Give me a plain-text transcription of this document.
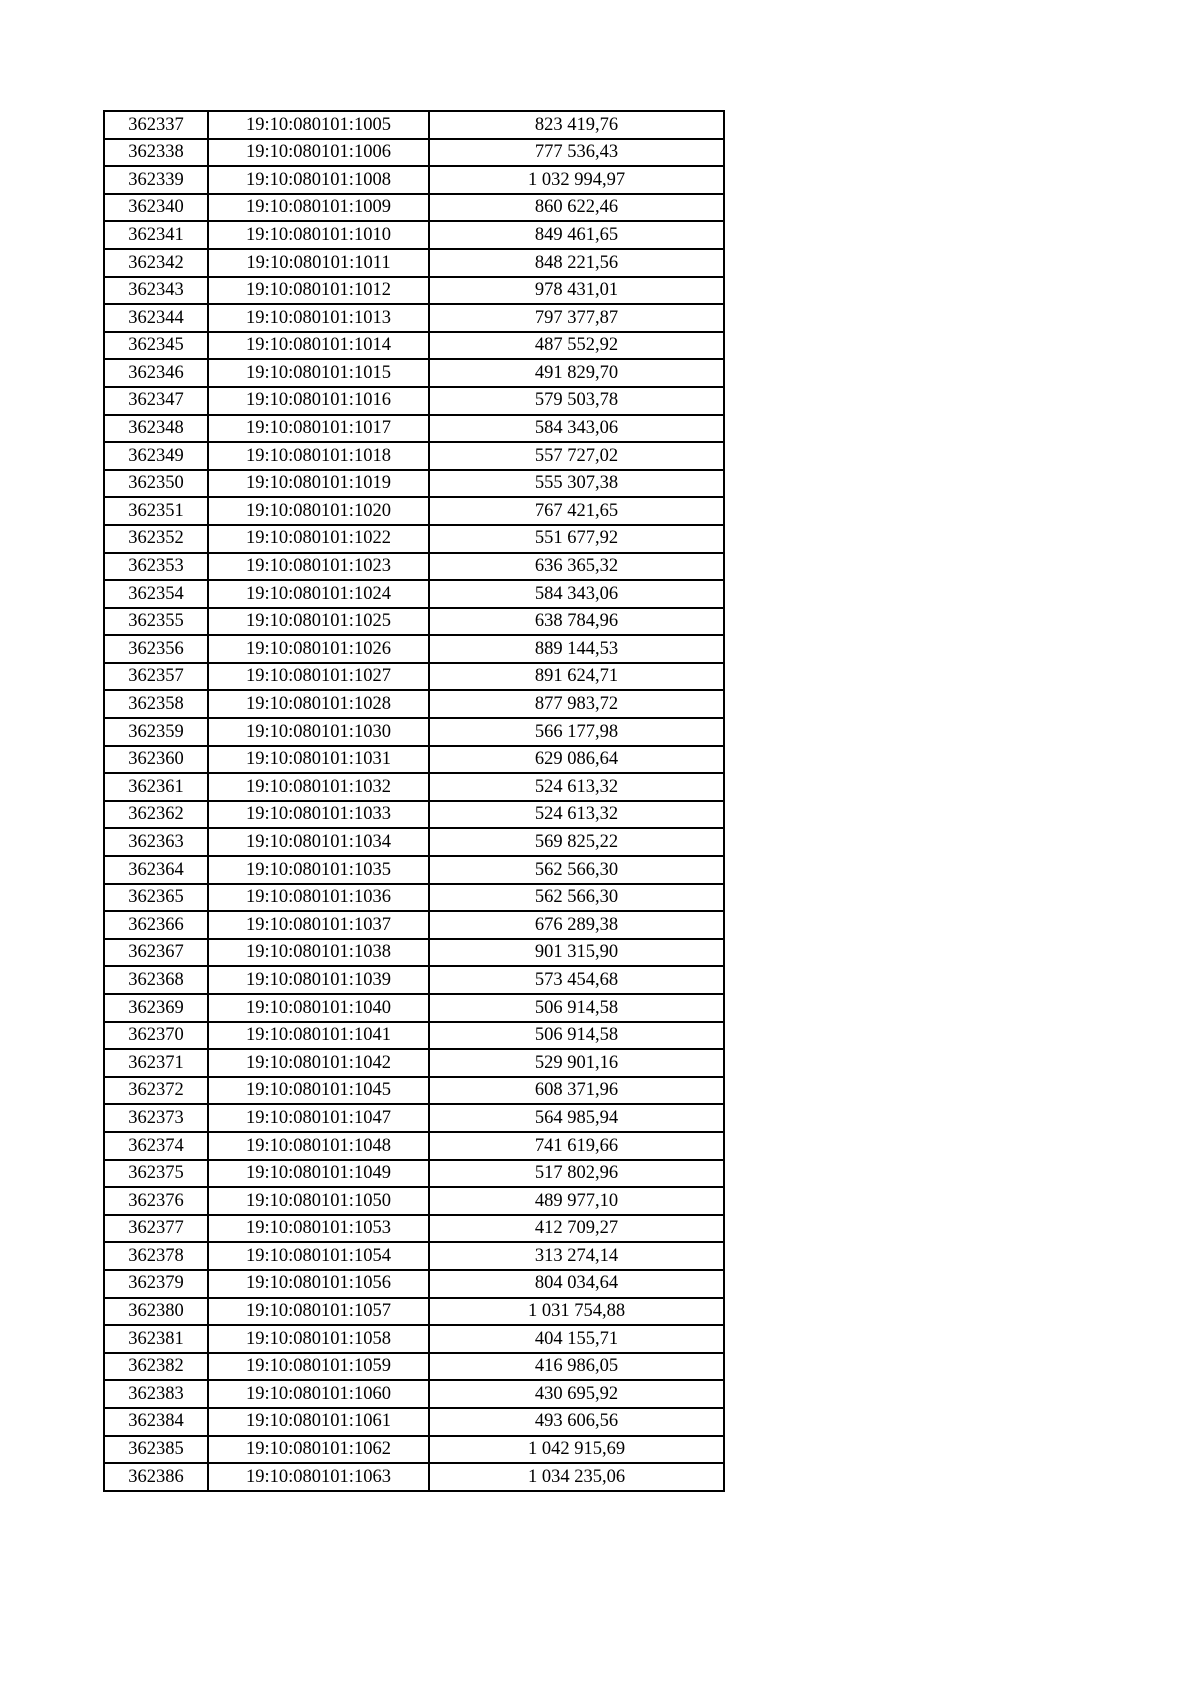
362337	19:10:080101:1005	823 419,76
362338	19:10:080101:1006	777 536,43
362339	19:10:080101:1008	1 032 994,97
362340	19:10:080101:1009	860 622,46
362341	19:10:080101:1010	849 461,65
362342	19:10:080101:1011	848 221,56
362343	19:10:080101:1012	978 431,01
362344	19:10:080101:1013	797 377,87
362345	19:10:080101:1014	487 552,92
362346	19:10:080101:1015	491 829,70
362347	19:10:080101:1016	579 503,78
362348	19:10:080101:1017	584 343,06
362349	19:10:080101:1018	557 727,02
362350	19:10:080101:1019	555 307,38
362351	19:10:080101:1020	767 421,65
362352	19:10:080101:1022	551 677,92
362353	19:10:080101:1023	636 365,32
362354	19:10:080101:1024	584 343,06
362355	19:10:080101:1025	638 784,96
362356	19:10:080101:1026	889 144,53
362357	19:10:080101:1027	891 624,71
362358	19:10:080101:1028	877 983,72
362359	19:10:080101:1030	566 177,98
362360	19:10:080101:1031	629 086,64
362361	19:10:080101:1032	524 613,32
362362	19:10:080101:1033	524 613,32
362363	19:10:080101:1034	569 825,22
362364	19:10:080101:1035	562 566,30
362365	19:10:080101:1036	562 566,30
362366	19:10:080101:1037	676 289,38
362367	19:10:080101:1038	901 315,90
362368	19:10:080101:1039	573 454,68
362369	19:10:080101:1040	506 914,58
362370	19:10:080101:1041	506 914,58
362371	19:10:080101:1042	529 901,16
362372	19:10:080101:1045	608 371,96
362373	19:10:080101:1047	564 985,94
362374	19:10:080101:1048	741 619,66
362375	19:10:080101:1049	517 802,96
362376	19:10:080101:1050	489 977,10
362377	19:10:080101:1053	412 709,27
362378	19:10:080101:1054	313 274,14
362379	19:10:080101:1056	804 034,64
362380	19:10:080101:1057	1 031 754,88
362381	19:10:080101:1058	404 155,71
362382	19:10:080101:1059	416 986,05
362383	19:10:080101:1060	430 695,92
362384	19:10:080101:1061	493 606,56
362385	19:10:080101:1062	1 042 915,69
362386	19:10:080101:1063	1 034 235,06
